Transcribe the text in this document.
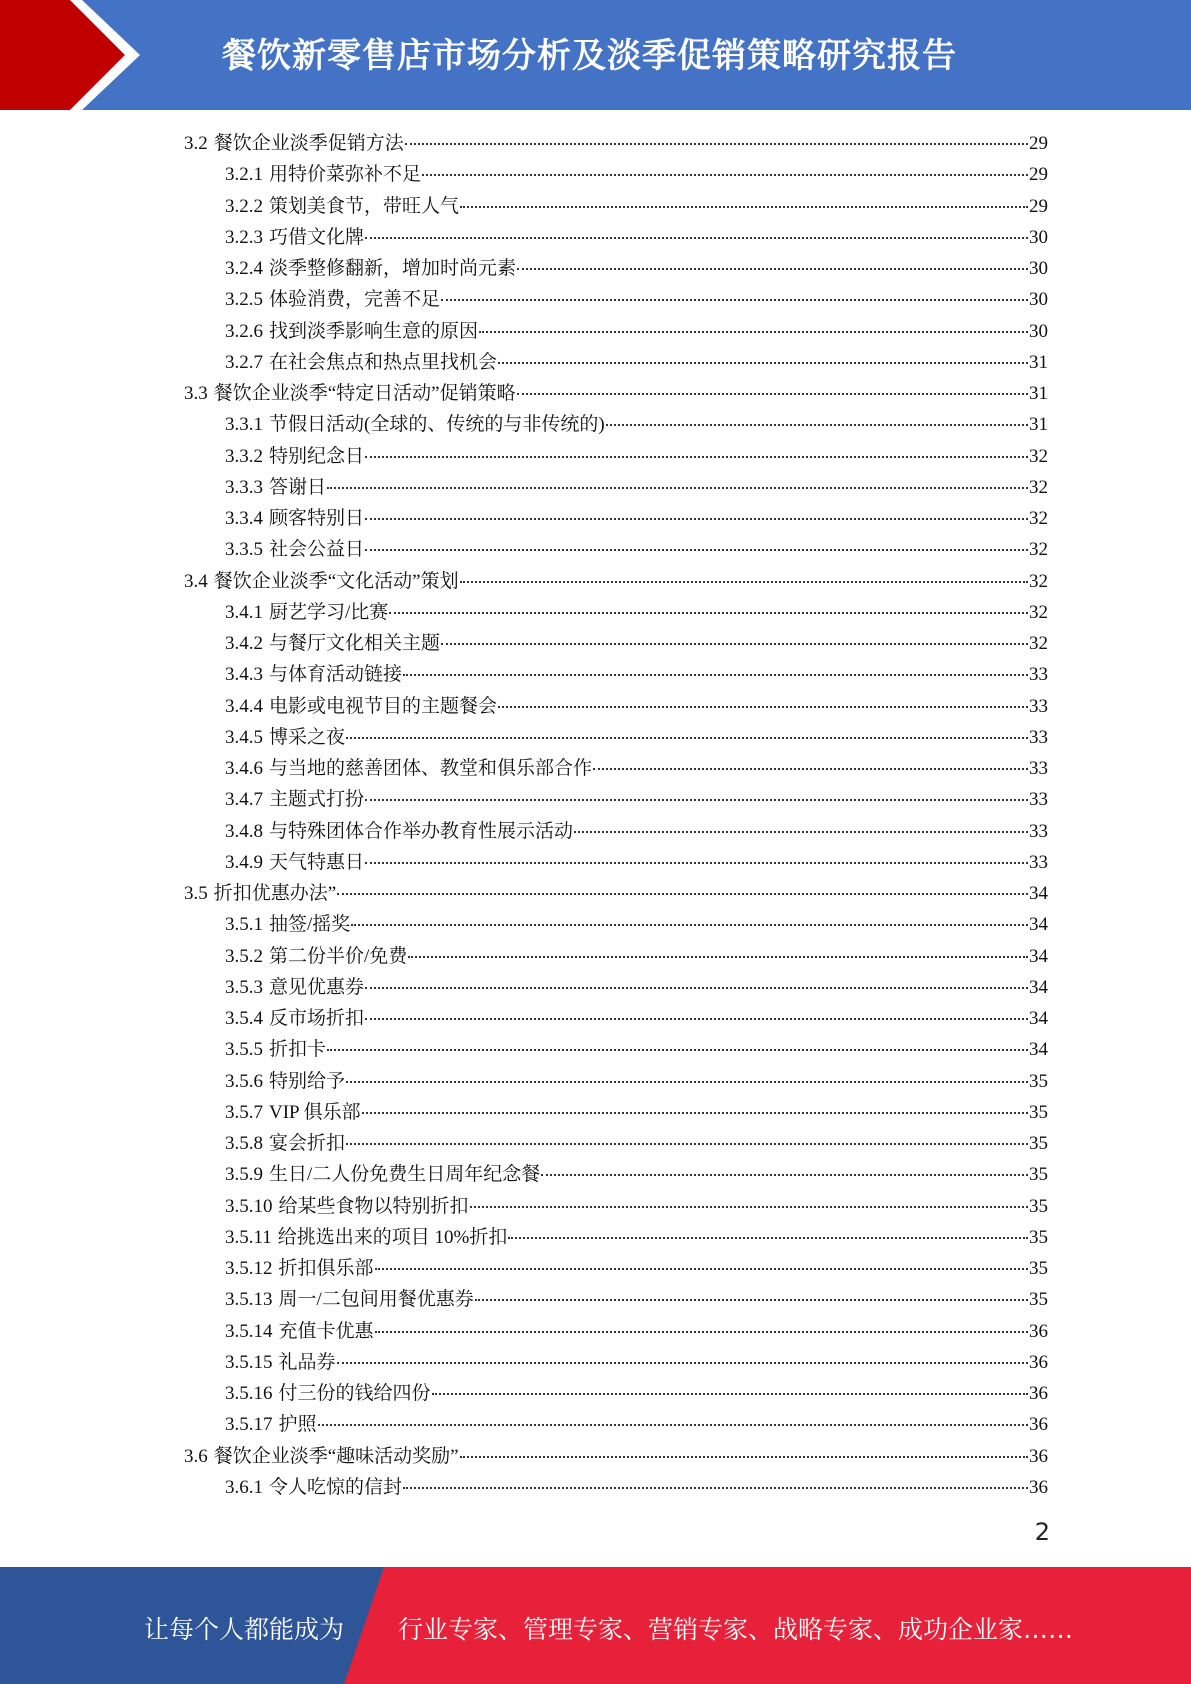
餐饮新零售店市场分析及淡季促销策略研究报告
3.2 餐饮企业淡季促销方法	29
3.2.1 用特价菜弥补不足	29
3.2.2 策划美食节，带旺人气	29
3.2.3 巧借文化牌	30
3.2.4 淡季整修翻新，增加时尚元素	30
3.2.5 体验消费，完善不足	30
3.2.6 找到淡季影响生意的原因	30
3.2.7 在社会焦点和热点里找机会	31
3.3 餐饮企业淡季“特定日活动”促销策略	31
3.3.1 节假日活动(全球的、传统的与非传统的)	31
3.3.2 特别纪念日	32
3.3.3 答谢日	32
3.3.4 顾客特别日	32
3.3.5 社会公益日	32
3.4 餐饮企业淡季“文化活动”策划	32
3.4.1 厨艺学习/比赛	32
3.4.2 与餐厅文化相关主题	32
3.4.3 与体育活动链接	33
3.4.4 电影或电视节目的主题餐会	33
3.4.5 博采之夜	33
3.4.6 与当地的慈善团体、教堂和俱乐部合作	33
3.4.7 主题式打扮	33
3.4.8 与特殊团体合作举办教育性展示活动	33
3.4.9 天气特惠日	33
3.5 折扣优惠办法”	34
3.5.1 抽签/摇奖	34
3.5.2 第二份半价/免费	34
3.5.3 意见优惠券	34
3.5.4 反市场折扣	34
3.5.5 折扣卡	34
3.5.6 特别给予	35
3.5.7 VIP 俱乐部	35
3.5.8 宴会折扣	35
3.5.9 生日/二人份免费生日周年纪念餐	35
3.5.10 给某些食物以特别折扣	35
3.5.11 给挑选出来的项目 10%折扣	35
3.5.12 折扣俱乐部	35
3.5.13 周一/二包间用餐优惠券	35
3.5.14 充值卡优惠	36
3.5.15 礼品券	36
3.5.16 付三份的钱给四份	36
3.5.17 护照	36
3.6 餐饮企业淡季“趣味活动奖励”	36
3.6.1 令人吃惊的信封	36
2
让每个人都能成为 行业专家、管理专家、营销专家、战略专家、成功企业家……
